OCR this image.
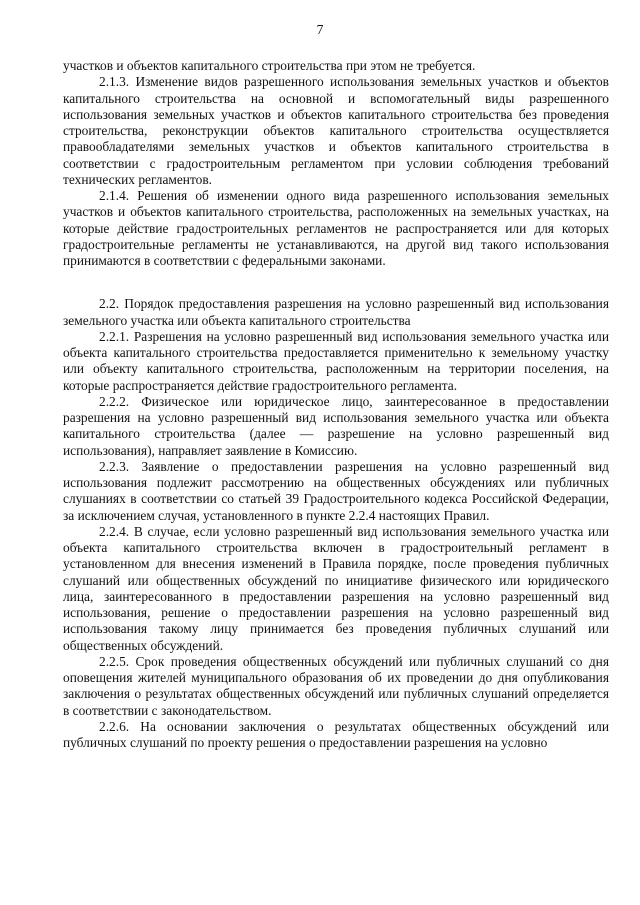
7

участков и объектов капитального строительства при этом не требуется.

2.1.3. Изменение видов разрешенного использования земельных участков и объектов капитального строительства на основной и вспомогательный виды разрешенного использования земельных участков и объектов капитального строительства без проведения строительства, реконструкции объектов капитального строительства осуществляется правообладателями земельных участков и объектов капитального строительства в соответствии с градостроительным регламентом при условии соблюдения требований технических регламентов.

2.1.4. Решения об изменении одного вида разрешенного использования земельных участков и объектов капитального строительства, расположенных на земельных участках, на которые действие градостроительных регламентов не распространяется или для которых градостроительные регламенты не устанавливаются, на другой вид такого использования принимаются в соответствии с федеральными законами.

2.2. Порядок предоставления разрешения на условно разрешенный вид использования земельного участка или объекта капитального строительства

2.2.1. Разрешения на условно разрешенный вид использования земельного участка или объекта капитального строительства предоставляется применительно к земельному участку или объекту капитального строительства, расположенным на территории поселения, на которые распространяется действие градостроительного регламента.

2.2.2. Физическое или юридическое лицо, заинтересованное в предоставлении разрешения на условно разрешенный вид использования земельного участка или объекта капитального строительства (далее — разрешение на условно разрешенный вид использования), направляет заявление в Комиссию.

2.2.3. Заявление о предоставлении разрешения на условно разрешенный вид использования подлежит рассмотрению на общественных обсуждениях или публичных слушаниях в соответствии со статьей 39 Градостроительного кодекса Российской Федерации, за исключением случая, установленного в пункте 2.2.4 настоящих Правил.

2.2.4. В случае, если условно разрешенный вид использования земельного участка или объекта капитального строительства включен в градостроительный регламент в установленном для внесения изменений в Правила порядке, после проведения публичных слушаний или общественных обсуждений по инициативе физического или юридического лица, заинтересованного в предоставлении разрешения на условно разрешенный вид использования, решение о предоставлении разрешения на условно разрешенный вид использования такому лицу принимается без проведения публичных слушаний или общественных обсуждений.

2.2.5. Срок проведения общественных обсуждений или публичных слушаний со дня оповещения жителей муниципального образования об их проведении до дня опубликования заключения о результатах общественных обсуждений или публичных слушаний определяется в соответствии с законодательством.

2.2.6. На основании заключения о результатах общественных обсуждений или публичных слушаний по проекту решения о предоставлении разрешения на условно
